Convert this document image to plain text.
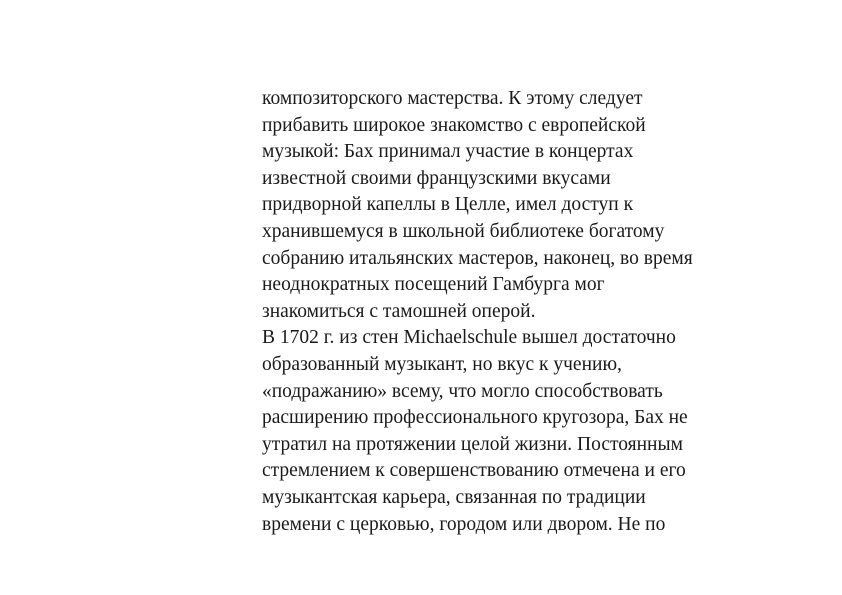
композиторского мастерства. К этому следует
прибавить широкое знакомство с европейской
музыкой: Бах принимал участие в концертах
известной своими французскими вкусами
придворной капеллы в Целле, имел доступ к
хранившемуся в школьной библиотеке богатому
собранию итальянских мастеров, наконец, во время
неоднократных посещений Гамбурга мог
знакомиться с тамошней оперой.
В 1702 г. из стен Michaelschule вышел достаточно
образованный музыкант, но вкус к учению,
«подражанию» всему, что могло способствовать
расширению профессионального кругозора, Бах не
утратил на протяжении целой жизни. Постоянным
стремлением к совершенствованию отмечена и его
музыкантская карьера, связанная по традиции
времени с церковью, городом или двором. Не по
